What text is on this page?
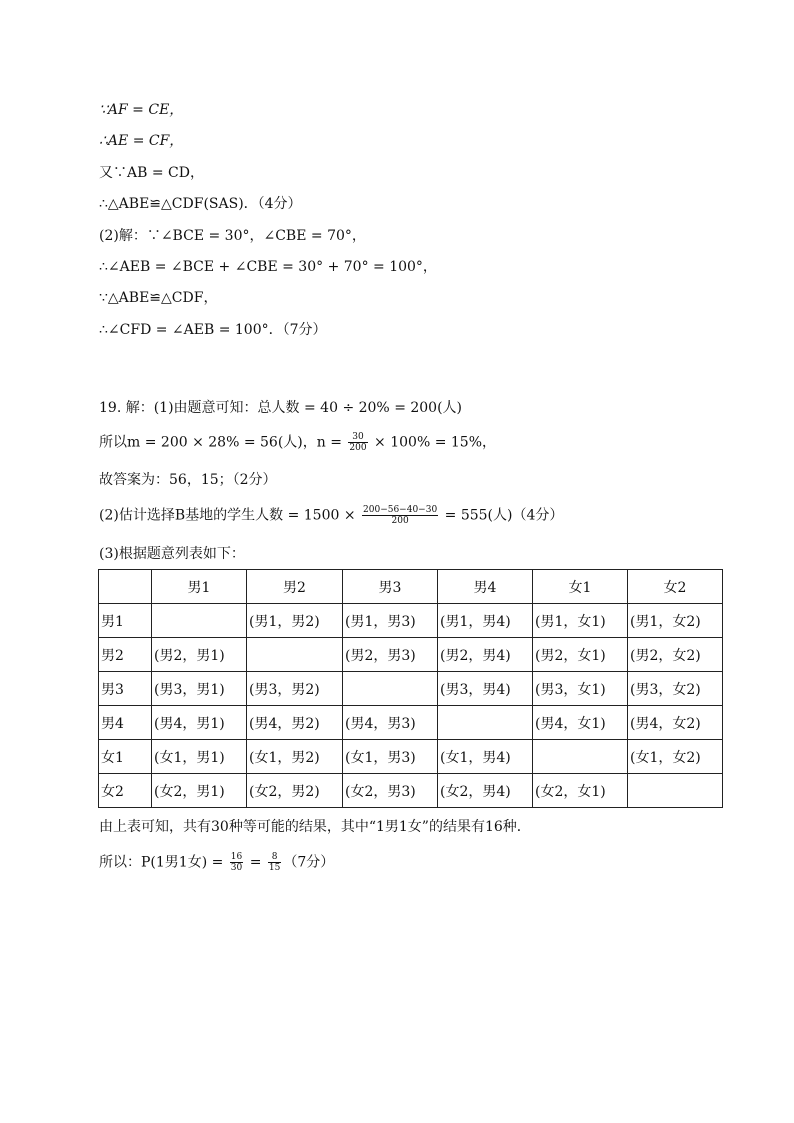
∵AF = CE，
∴AE = CF，
又∵AB = CD，
∴△ABE≌△CDF(SAS)．（4分）
(2)解：∵∠BCE = 30°，∠CBE = 70°，
∴∠AEB = ∠BCE + ∠CBE = 30° + 70° = 100°，
∵△ABE≌△CDF，
∴∠CFD = ∠AEB = 100°．（7分）
19. 解：(1)由题意可知：总人数 = 40 ÷ 20% = 200(人)
所以m = 200 × 28% = 56(人)，$n = \frac{30}{200} \times 100\% = 15\%$，
故答案为：56，15；（2分）
(2)估计选择B基地的学生人数 = $1500 \times \frac{200-56-40-30}{200} = 555$(人)（4分）
(3)根据题意列表如下：
	男1	男2	男3	男4	女1	女2
男1		(男1，男2)	(男1，男3)	(男1，男4)	(男1，女1)	(男1，女2)
男2	(男2，男1)		(男2，男3)	(男2，男4)	(男2，女1)	(男2，女2)
男3	(男3，男1)	(男3，男2)		(男3，男4)	(男3，女1)	(男3，女2)
男4	(男4，男1)	(男4，男2)	(男4，男3)		(男4，女1)	(男4，女2)
女1	(女1，男1)	(女1，男2)	(女1，男3)	(女1，男4)		(女1，女2)
女2	(女2，男1)	(女2，男2)	(女2，男3)	(女2，男4)	(女2，女1)	
由上表可知，共有30种等可能的结果，其中“1男1女”的结果有16种．
所以：P(1男1女) = $\frac{16}{30} = \frac{8}{15} (7$分）
